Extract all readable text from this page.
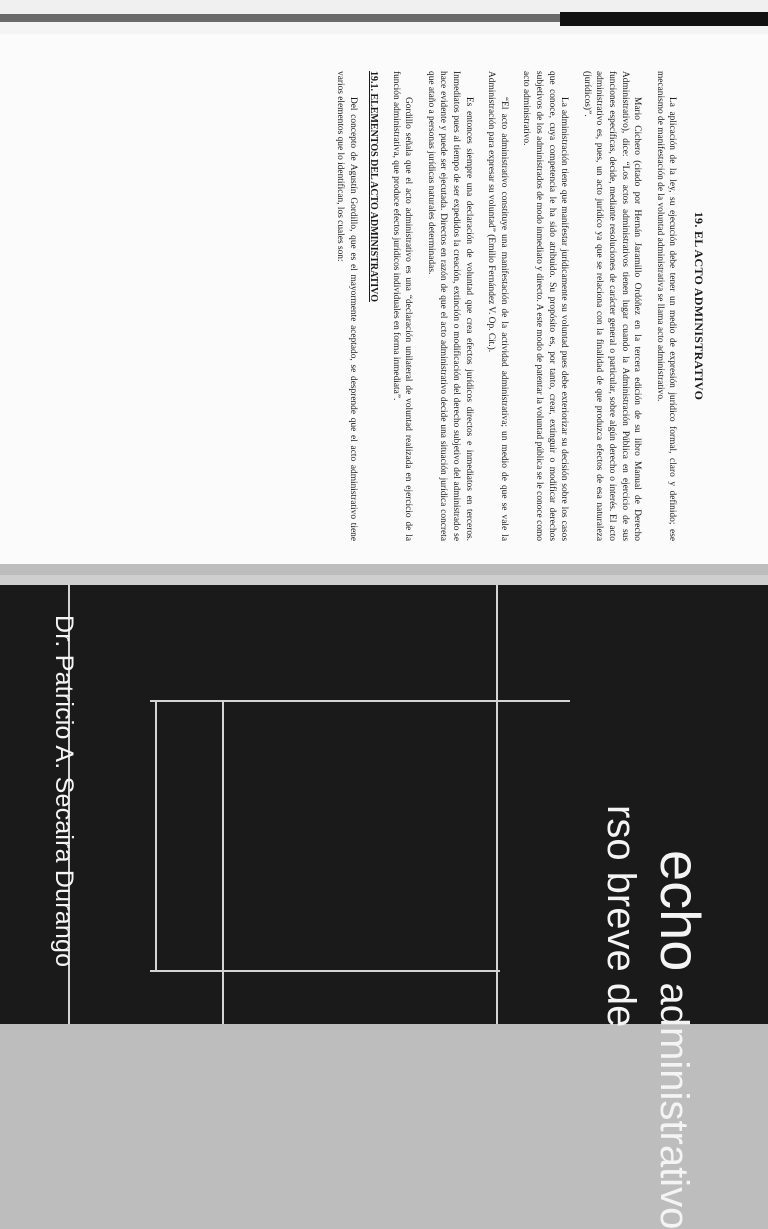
19. EL ACTO ADMINISTRATIVO

La aplicación de la ley, su ejecución debe tener un medio de expresión jurídico formal, claro y definido; ese mecanismo de manifestación de la voluntad administrativa se llama acto administrativo.

Mario Cichero (citado por Hernán Jaramillo Ordóñez en la tercera edición de su libro Manual de Derecho Administrativo), dice: “Los actos administrativos tienen lugar cuando la Administración Pública en ejercicio de sus funciones específicas, decide, mediante resoluciones de carácter general o particular, sobre algún derecho o interés. El acto administrativo es, pues, un acto jurídico ya que se relaciona con la finalidad de que produzca efectos de esa naturaleza (jurídicos)”.

La administración tiene que manifestar jurídicamente su voluntad pues debe exteriorizar su decisión sobre los casos que conoce, cuya competencia le ha sido atribuido. Su propósito es, por tanto, crear, extinguir o modificar derechos subjetivos de los administrados de modo inmediato y directo. A este modo de patentar la voluntad pública se le conoce como acto administrativo.

“El acto administrativo constituye una manifestación de la actividad administrativa; un medio de que se vale la Administración para expresar su voluntad” (Emilio Fernández V. Op. Cit.).

Es entonces siempre una declaración de voluntad que crea efectos jurídicos directos e inmediatos en terceros. Inmediatos pues al tiempo de ser expedidos la creación, extinción o modificación del derecho subjetivo del administrado se hace evidente y puede ser ejecutada. Directos en razón de que el acto administrativo decide una situación jurídica concreta que ataño a personas jurídicas naturales determinadas.

Gordillo señala que el acto administrativo es una “declaración unilateral de voluntad realizada en ejercicio de la función administrativa, que produce efectos jurídicos individuales en forma inmediata”.

19.1. ELEMENTOS DEL ACTO ADMINISTRATIVO

Del concepto de Agustín Gordillo, que es el mayormente aceptado, se desprende que el acto administrativo tiene varios elementos que lo identifican, los cuales son:

Dr. Patricio A. Secaira Durango	rso breve de echo administrativo
